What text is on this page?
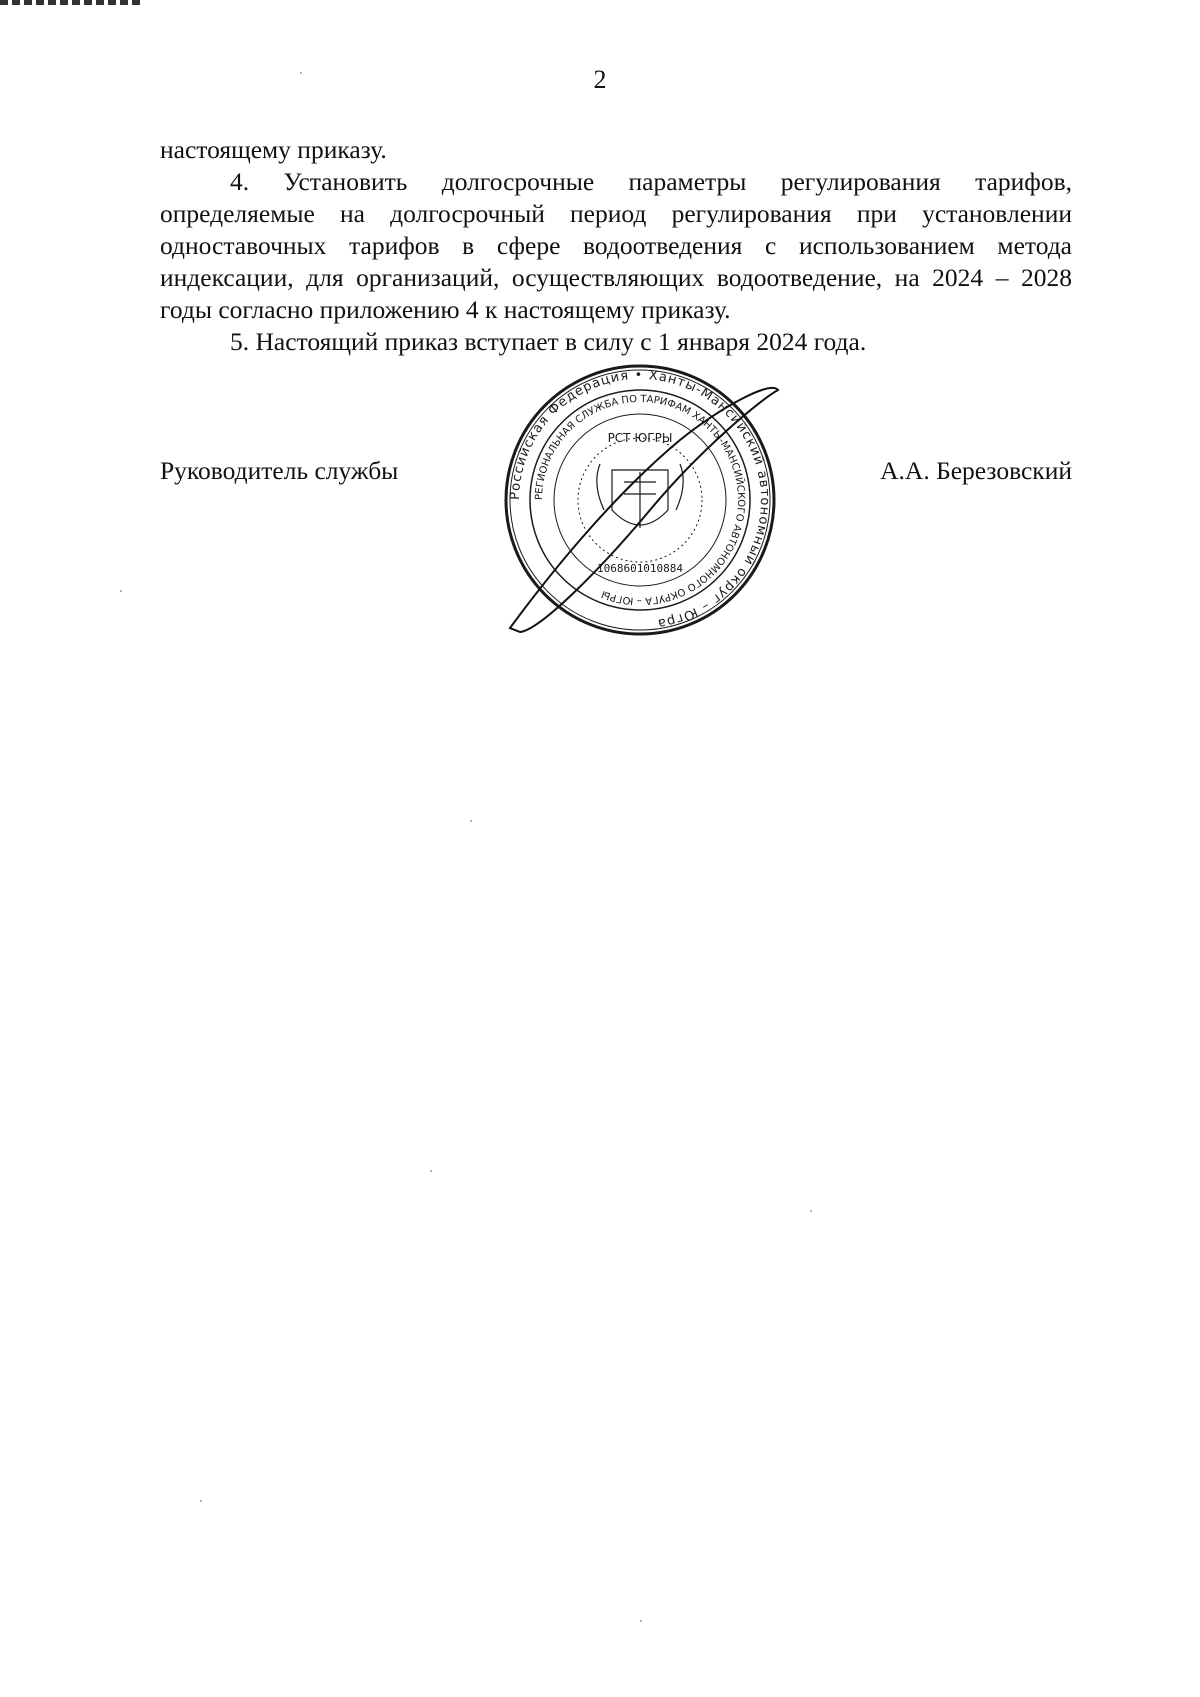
2

настоящему приказу.

4. Установить долгосрочные параметры регулирования тарифов, определяемые на долгосрочный период регулирования при установлении одноставочных тарифов в сфере водоотведения с использованием метода индексации, для организаций, осуществляющих водоотведение, на 2024 – 2028 годы согласно приложению 4 к настоящему приказу.

5. Настоящий приказ вступает в силу с 1 января 2024 года.

Руководитель службы	А.А. Березовский
Российская Федерация • Ханты-Мансийский автономный округ – Югра
РЕГИОНАЛЬНАЯ СЛУЖБА ПО ТАРИФАМ ХАНТЫ-МАНСИЙСКОГО АВТОНОМНОГО ОКРУГА – ЮГРЫ
РСТ ЮГРЫ
1068601010884
